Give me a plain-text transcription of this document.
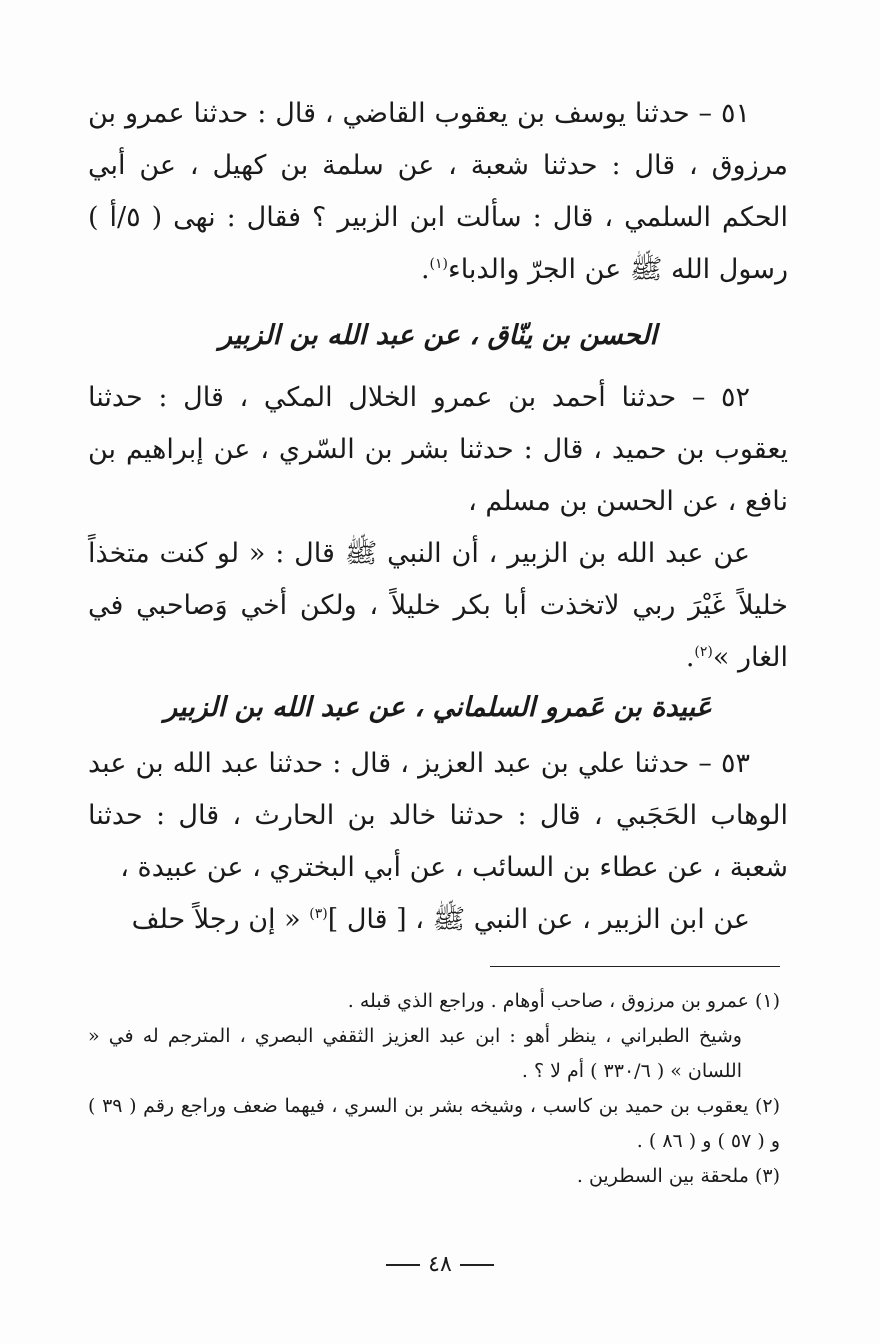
٥١ – حدثنا يوسف بن يعقوب القاضي ، قال : حدثنا عمرو بن مرزوق ، قال : حدثنا شعبة ، عن سلمة بن كهيل ، عن أبي الحكم السلمي ، قال : سألت ابن الزبير ؟ فقال : نهى ( ٥/أ ) رسول الله ﷺ عن الجرّ والدباء$^{(١)}$.

الحسن بن ينّاق ، عن عبد الله بن الزبير

٥٢ – حدثنا أحمد بن عمرو الخلال المكي ، قال : حدثنا يعقوب بن حميد ، قال : حدثنا بشر بن السّري ، عن إبراهيم بن نافع ، عن الحسن بن مسلم ،

عن عبد الله بن الزبير ، أن النبي ﷺ قال : « لو كنت متخذاً خليلاً غَيْرَ ربي لاتخذت أبا بكر خليلاً ، ولكن أخي وَصاحبي في الغار »$^{(٢)}$.

عَبيدة بن عَمرو السلماني ، عن عبد الله بن الزبير

٥٣ – حدثنا علي بن عبد العزيز ، قال : حدثنا عبد الله بن عبد الوهاب الحَجَبي ، قال : حدثنا خالد بن الحارث ، قال : حدثنا شعبة ، عن عطاء بن السائب ، عن أبي البختري ، عن عبيدة ،

عن ابن الزبير ، عن النبي ﷺ ، [ قال ]$^{(٣)}$ « إن رجلاً حلف

(١) عمرو بن مرزوق ، صاحب أوهام . وراجع الذي قبله .

وشيخ الطبراني ، ينظر أهو : ابن عبد العزيز الثقفي البصري ، المترجم له في « اللسان » ( ٣٣٠/٦ ) أم لا ؟ .

(٢) يعقوب بن حميد بن كاسب ، وشيخه بشر بن السري ، فيهما ضعف وراجع رقم ( ٣٩ ) و ( ٥٧ ) و ( ٨٦ ) .

(٣) ملحقة بين السطرين .

٤٨
